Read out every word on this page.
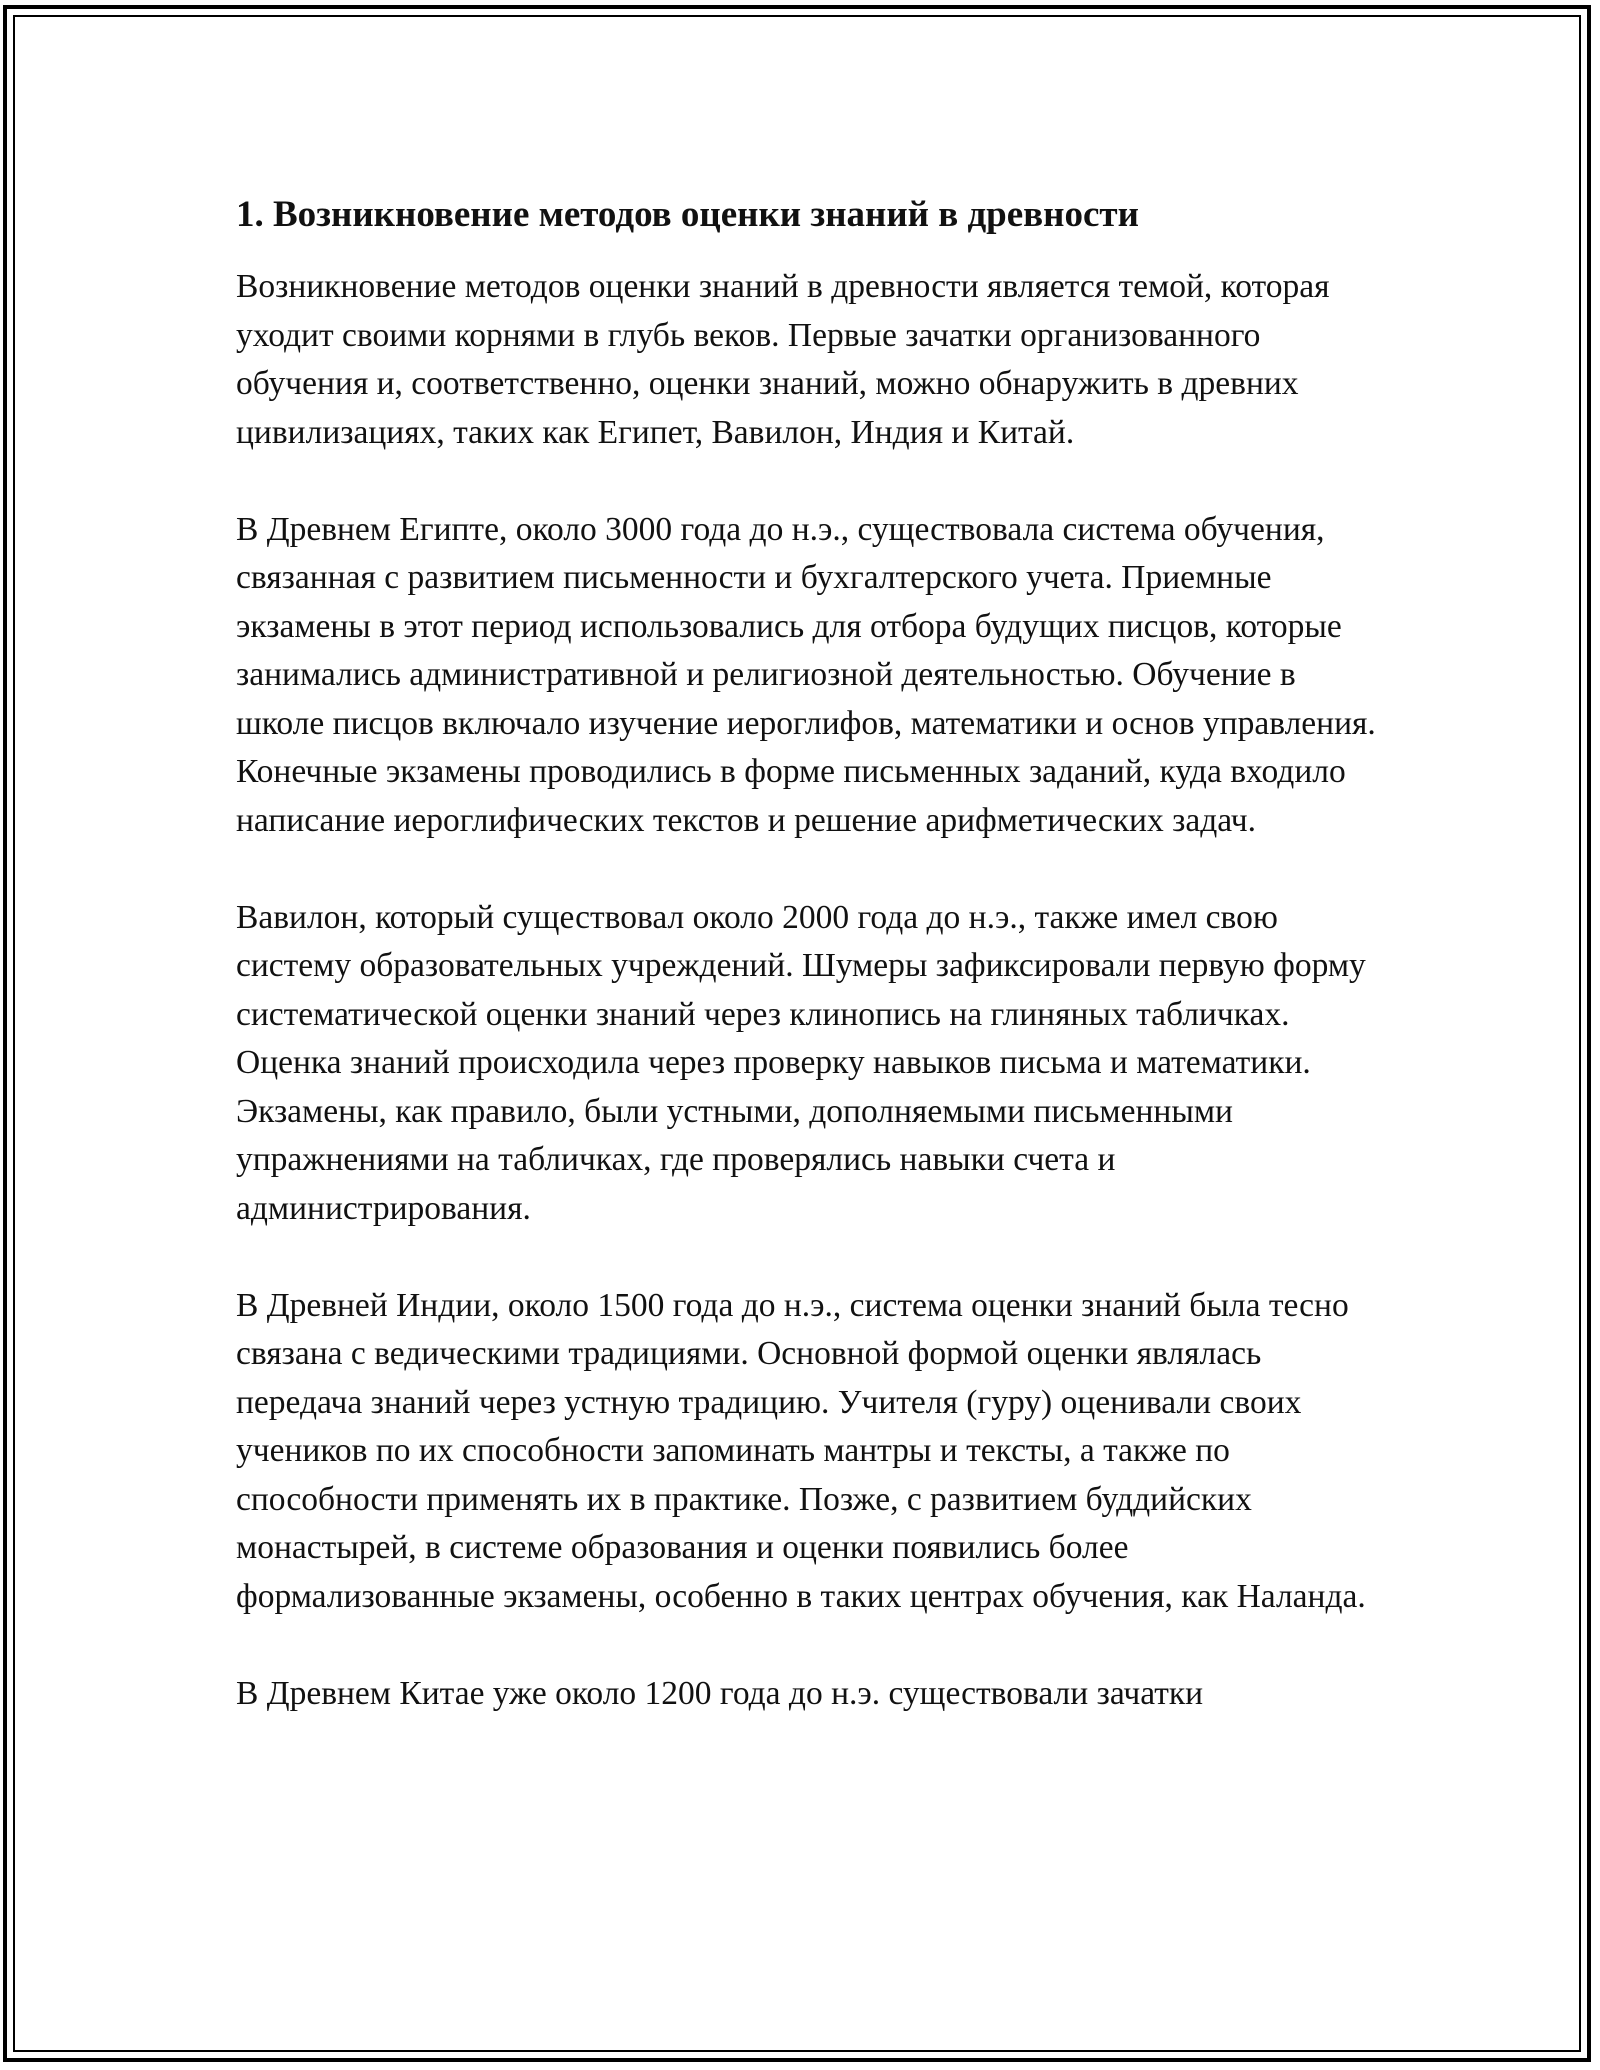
1. Возникновение методов оценки знаний в древности

Возникновение методов оценки знаний в древности является темой, которая уходит своими корнями в глубь веков. Первые зачатки организованного обучения и, соответственно, оценки знаний, можно обнаружить в древних цивилизациях, таких как Египет, Вавилон, Индия и Китай.

В Древнем Египте, около 3000 года до н.э., существовала система обучения, связанная с развитием письменности и бухгалтерского учета. Приемные экзамены в этот период использовались для отбора будущих писцов, которые занимались административной и религиозной деятельностью. Обучение в школе писцов включало изучение иероглифов, математики и основ управления. Конечные экзамены проводились в форме письменных заданий, куда входило написание иероглифических текстов и решение арифметических задач.

Вавилон, который существовал около 2000 года до н.э., также имел свою систему образовательных учреждений. Шумеры зафиксировали первую форму систематической оценки знаний через клинопись на глиняных табличках. Оценка знаний происходила через проверку навыков письма и математики. Экзамены, как правило, были устными, дополняемыми письменными упражнениями на табличках, где проверялись навыки счета и администрирования.

В Древней Индии, около 1500 года до н.э., система оценки знаний была тесно связана с ведическими традициями. Основной формой оценки являлась передача знаний через устную традицию. Учителя (гуру) оценивали своих учеников по их способности запоминать мантры и тексты, а также по способности применять их в практике. Позже, с развитием буддийских монастырей, в системе образования и оценки появились более формализованные экзамены, особенно в таких центрах обучения, как Наланда.

В Древнем Китае уже около 1200 года до н.э. существовали зачатки
